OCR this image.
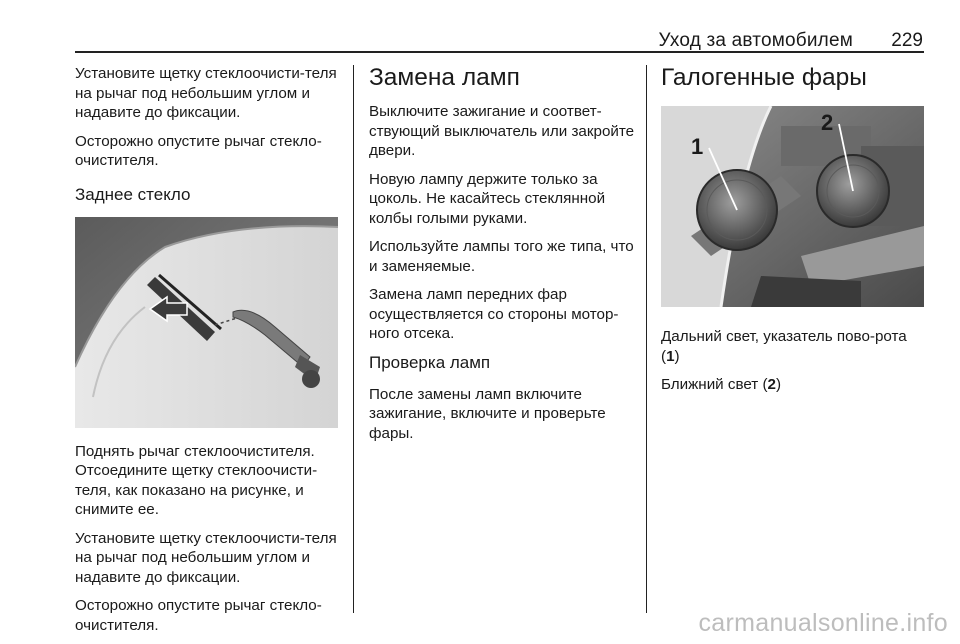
Уход за автомобилем 229

Установите щетку стеклоочисти-теля на рычаг под небольшим углом и надавите до фиксации.

Осторожно опустите рычаг стекло-очистителя.

Заднее стекло

Поднять рычаг стеклоочистителя. Отсоедините щетку стеклоочисти-теля, как показано на рисунке, и снимите ее.

Установите щетку стеклоочисти-теля на рычаг под небольшим углом и надавите до фиксации.

Осторожно опустите рычаг стекло-очистителя.

Замена ламп

Выключите зажигание и соответ-ствующий выключатель или закройте двери.

Новую лампу держите только за цоколь. Не касайтесь стеклянной колбы голыми руками.

Используйте лампы того же типа, что и заменяемые.

Замена ламп передних фар осуществляется со стороны мотор-ного отсека.

Проверка ламп

После замены ламп включите зажигание, включите и проверьте фары.

Галогенные фары
1
2

Дальний свет, указатель пово-рота (1)

Ближний свет (2)

carmanualsonline.info
